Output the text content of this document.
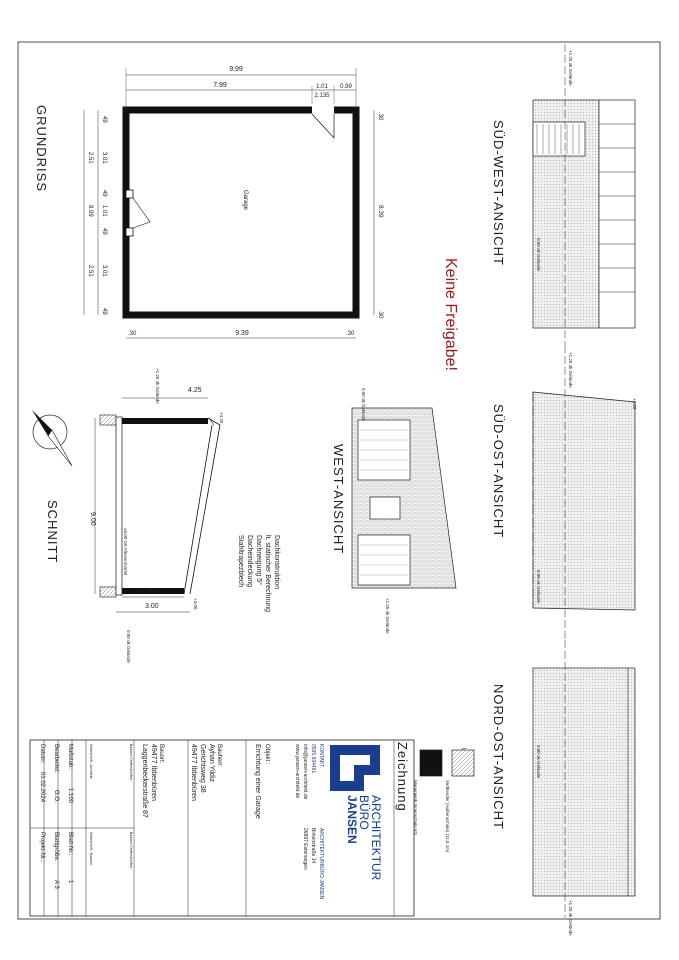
GRUNDRISS
Garage
9.99
7.99	1.01 0.99
2.135
49
3.01
2.51
49
1.01
8.99
49
2.51 3.01
49
8.39
.30
.30
9.39
.30	.30	Keine Freigabe!
SCHNITT
4.25
9.00
2.76
3.00
+1.25 ok Gelände
±0.00 OK Fliesenmörtel
0.00 ok Gelände
+4.25
+3.00
Dachkonstruktion
lt. statischer Berechnung
Dachneigung 5°
Dacheindeckung
Stahltrapezblech
WEST-ANSICHT
0.00 ok Gelände
+1.25 ok Gelände
SÜD-WEST-ANSICHT
+1.25 ok Gelände
0.00 ok Gelände
SÜD-OST-ANSICHT
+1.25 ok Gelände
0.00 ok Gelände
+4.25
NORD-OST-ANSICHT	0.00 ok Gelände
+1.25 ok Gelände
Zeichnung
Verblender (Außenschale) (11,5 cm)
Mauerwerk Innenschale KS
ARCHITEKTUR
BÜRO
JANSEN
KONTAKT:
0595 934461
info@jansen-architekt.de
www.jansen-architekt.de
ARCHITEKTURBÜRO JANSEN
Birkenstraße 14
26897 Esterwegen
Objekt :
Errichtung einer Garage
Bauherr:
Ayhan Yildiz
Gerichtsweg 38
49477 Ibbenbüren
Bauort:
49477 Ibbenbüren
Laggenbeckerstraße 87
Bauherr/ Unterschriften :
Unterschrift - Architekt
Bauherr/ Unterschriften :
Unterschrift - Bauherr
Maßstab:
1:100
Blatt-Nr.:
1
Bearbeitet:
G.O.
Blattgröße:
A 3
Datum:
01.02.2024
Projekt-Nr.:
